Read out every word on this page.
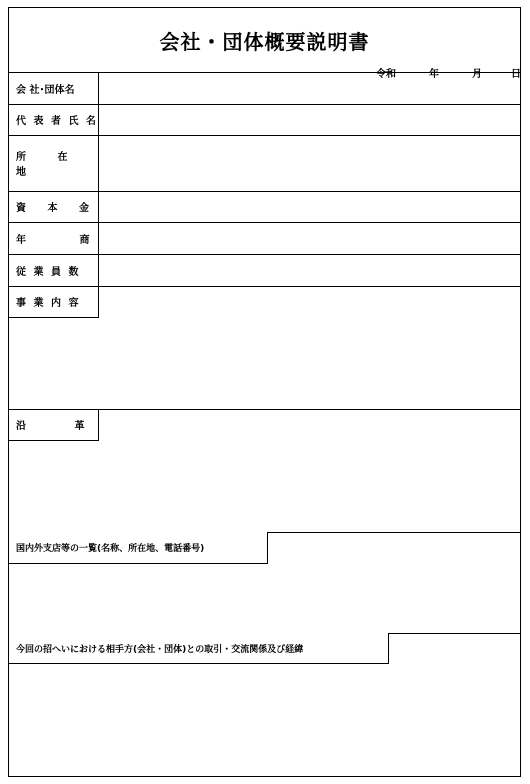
会社・団体概要説明書
令和	年	月	日
会 社･団体名
代 表 者 氏 名
所 在 地
資 本 金
年 商
従 業 員 数
事 業 内 容
沿 革
国内外支店等の一覧(名称、所在地、電話番号)
今回の招へいにおける相手方(会社・団体)との取引・交流関係及び経緯
